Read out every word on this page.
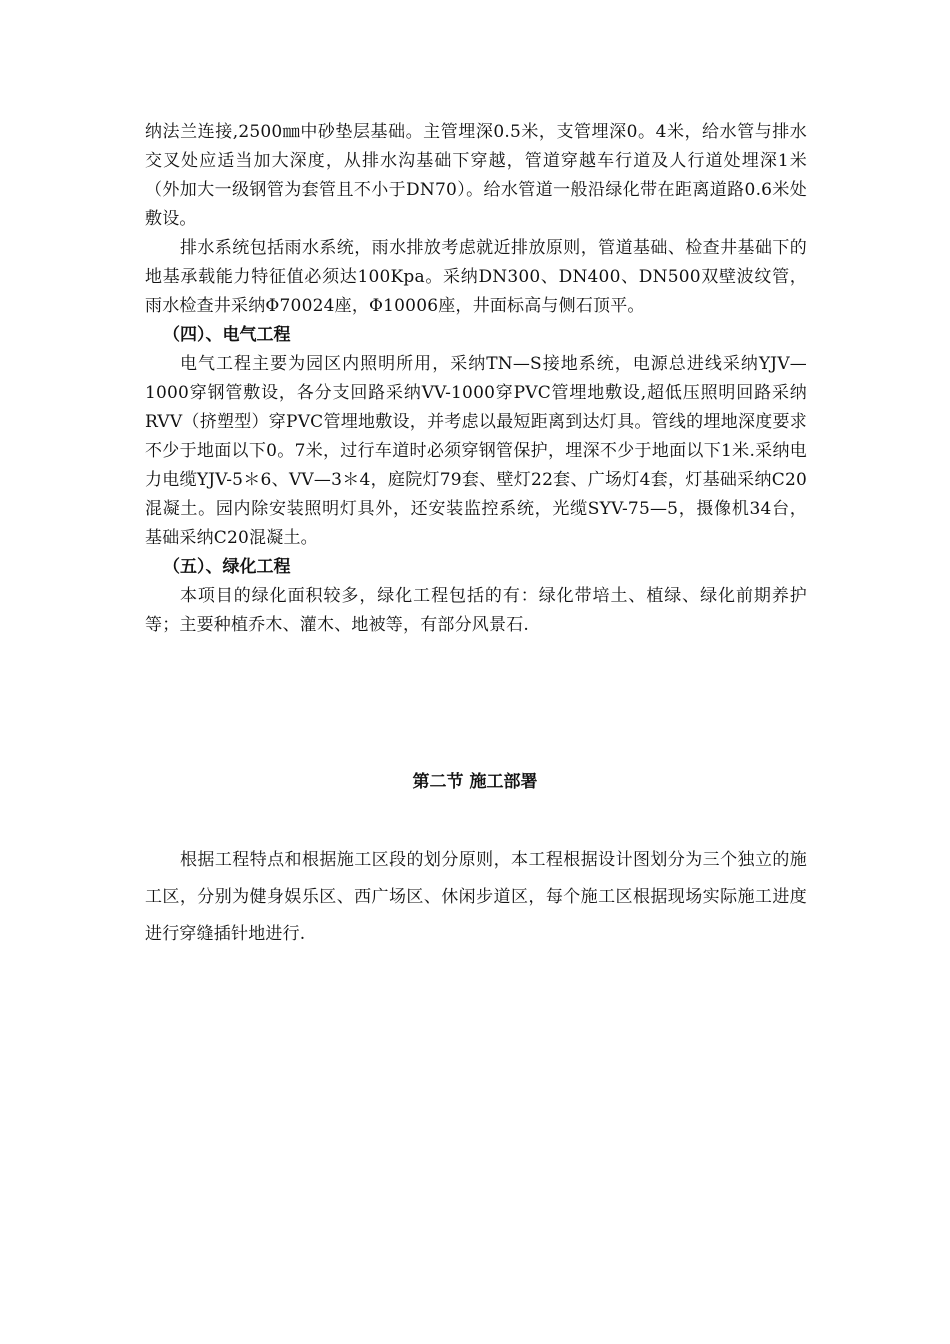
纳法兰连接,2500㎜中砂垫层基础。主管埋深0.5米，支管埋深0。4米，给水管与排水交叉处应适当加大深度，从排水沟基础下穿越，管道穿越车行道及人行道处埋深1米（外加大一级钢管为套管且不小于DN70）。给水管道一般沿绿化带在距离道路0.6米处敷设。

排水系统包括雨水系统，雨水排放考虑就近排放原则，管道基础、检查井基础下的地基承载能力特征值必须达100Kpa。采纳DN300、DN400、DN500双壁波纹管，雨水检查井采纳Φ70024座，Φ10006座，井面标高与侧石顶平。

（四）、电气工程

电气工程主要为园区内照明所用，采纳TN—S接地系统，电源总进线采纳YJV—1000穿钢管敷设，各分支回路采纳VV-1000穿PVC管埋地敷设,超低压照明回路采纳RVV（挤塑型）穿PVC管埋地敷设，并考虑以最短距离到达灯具。管线的埋地深度要求不少于地面以下0。7米，过行车道时必须穿钢管保护，埋深不少于地面以下1米.采纳电力电缆YJV-5＊6、VV—3＊4，庭院灯79套、壁灯22套、广场灯4套，灯基础采纳C20混凝土。园内除安装照明灯具外，还安装监控系统，光缆SYV-75—5，摄像机34台，基础采纳C20混凝土。

（五）、绿化工程

本项目的绿化面积较多，绿化工程包括的有：绿化带培土、植绿、绿化前期养护等；主要种植乔木、灌木、地被等，有部分风景石.

第二节 施工部署

根据工程特点和根据施工区段的划分原则，本工程根据设计图划分为三个独立的施工区，分别为健身娱乐区、西广场区、休闲步道区，每个施工区根据现场实际施工进度进行穿缝插针地进行.
